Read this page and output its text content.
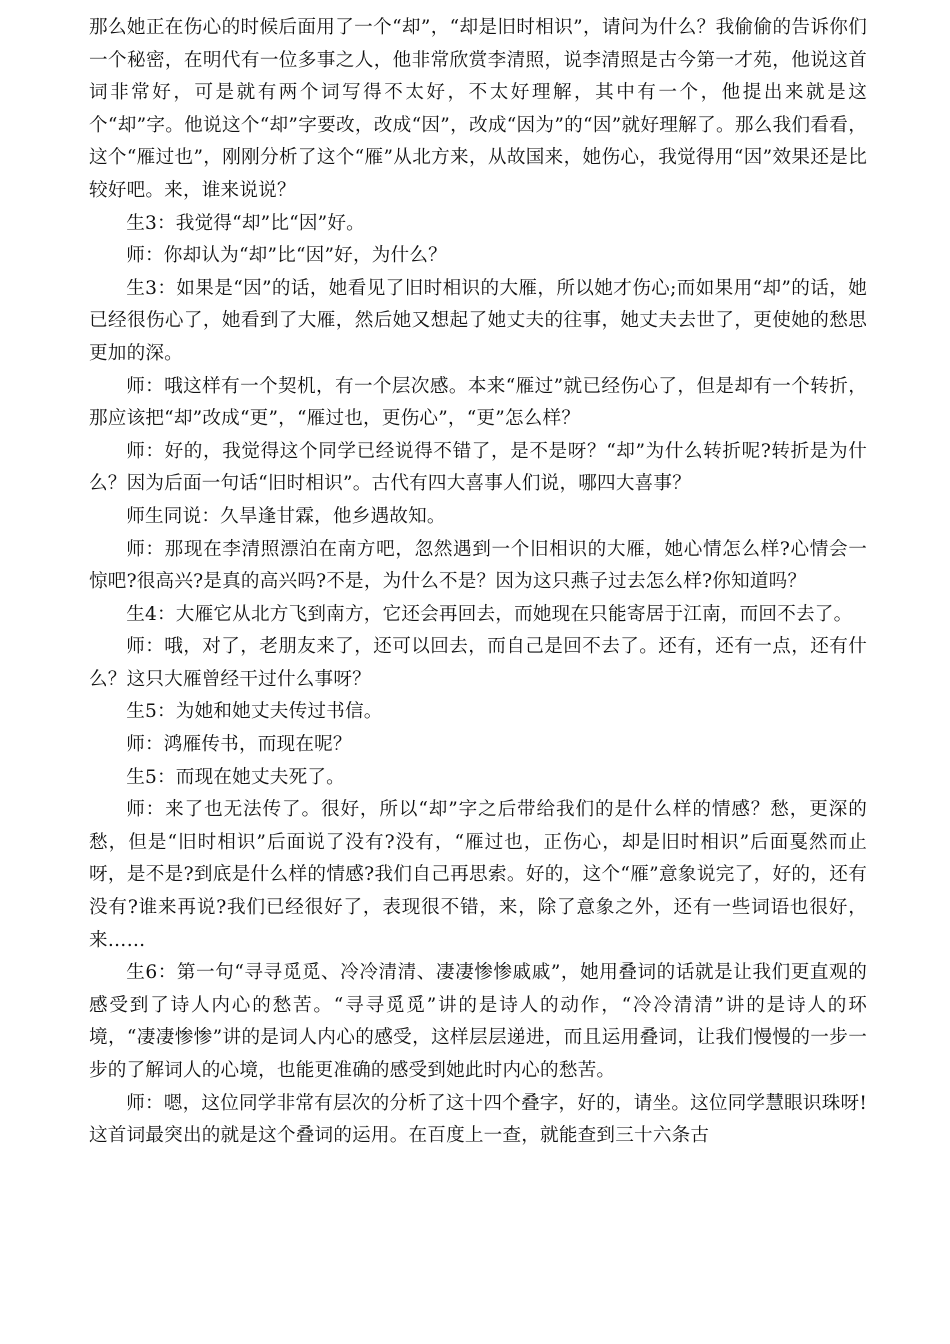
那么她正在伤心的时候后面用了一个“却”，“却是旧时相识”，请问为什么？我偷偷的告诉你们一个秘密，在明代有一位多事之人，他非常欣赏李清照，说李清照是古今第一才苑，他说这首词非常好，可是就有两个词写得不太好，不太好理解，其中有一个，他提出来就是这个“却”字。他说这个“却”字要改，改成“因”，改成“因为”的“因”就好理解了。那么我们看看，这个“雁过也”，刚刚分析了这个“雁”从北方来，从故国来，她伤心，我觉得用“因”效果还是比较好吧。来，谁来说说？

生3：我觉得“却”比“因”好。

师：你却认为“却”比“因”好，为什么？

生3：如果是“因”的话，她看见了旧时相识的大雁，所以她才伤心;而如果用“却”的话，她已经很伤心了，她看到了大雁，然后她又想起了她丈夫的往事，她丈夫去世了，更使她的愁思更加的深。

师：哦这样有一个契机，有一个层次感。本来“雁过”就已经伤心了，但是却有一个转折，那应该把“却”改成“更”，“雁过也，更伤心”，“更”怎么样？

师：好的，我觉得这个同学已经说得不错了，是不是呀？“却”为什么转折呢?转折是为什么？因为后面一句话“旧时相识”。古代有四大喜事人们说，哪四大喜事？

师生同说：久旱逢甘霖，他乡遇故知。

师：那现在李清照漂泊在南方吧，忽然遇到一个旧相识的大雁，她心情怎么样?心情会一惊吧?很高兴?是真的高兴吗?不是，为什么不是？因为这只燕子过去怎么样?你知道吗？

生4：大雁它从北方飞到南方，它还会再回去，而她现在只能寄居于江南，而回不去了。

师：哦，对了，老朋友来了，还可以回去，而自己是回不去了。还有，还有一点，还有什么？这只大雁曾经干过什么事呀？

生5：为她和她丈夫传过书信。

师：鸿雁传书，而现在呢？

生5：而现在她丈夫死了。

师：来了也无法传了。很好，所以“却”字之后带给我们的是什么样的情感？愁，更深的愁，但是“旧时相识”后面说了没有?没有，“雁过也，正伤心，却是旧时相识”后面戛然而止呀，是不是?到底是什么样的情感?我们自己再思索。好的，这个“雁”意象说完了，好的，还有没有?谁来再说?我们已经很好了，表现很不错，来，除了意象之外，还有一些词语也很好，来……

生6：第一句“寻寻觅觅、冷冷清清、凄凄惨惨戚戚”，她用叠词的话就是让我们更直观的感受到了诗人内心的愁苦。“寻寻觅觅”讲的是诗人的动作，“冷冷清清”讲的是诗人的环境，“凄凄惨惨”讲的是词人内心的感受，这样层层递进，而且运用叠词，让我们慢慢的一步一步的了解词人的心境，也能更准确的感受到她此时内心的愁苦。

师：嗯，这位同学非常有层次的分析了这十四个叠字，好的，请坐。这位同学慧眼识珠呀!这首词最突出的就是这个叠词的运用。在百度上一查，就能查到三十六条古
